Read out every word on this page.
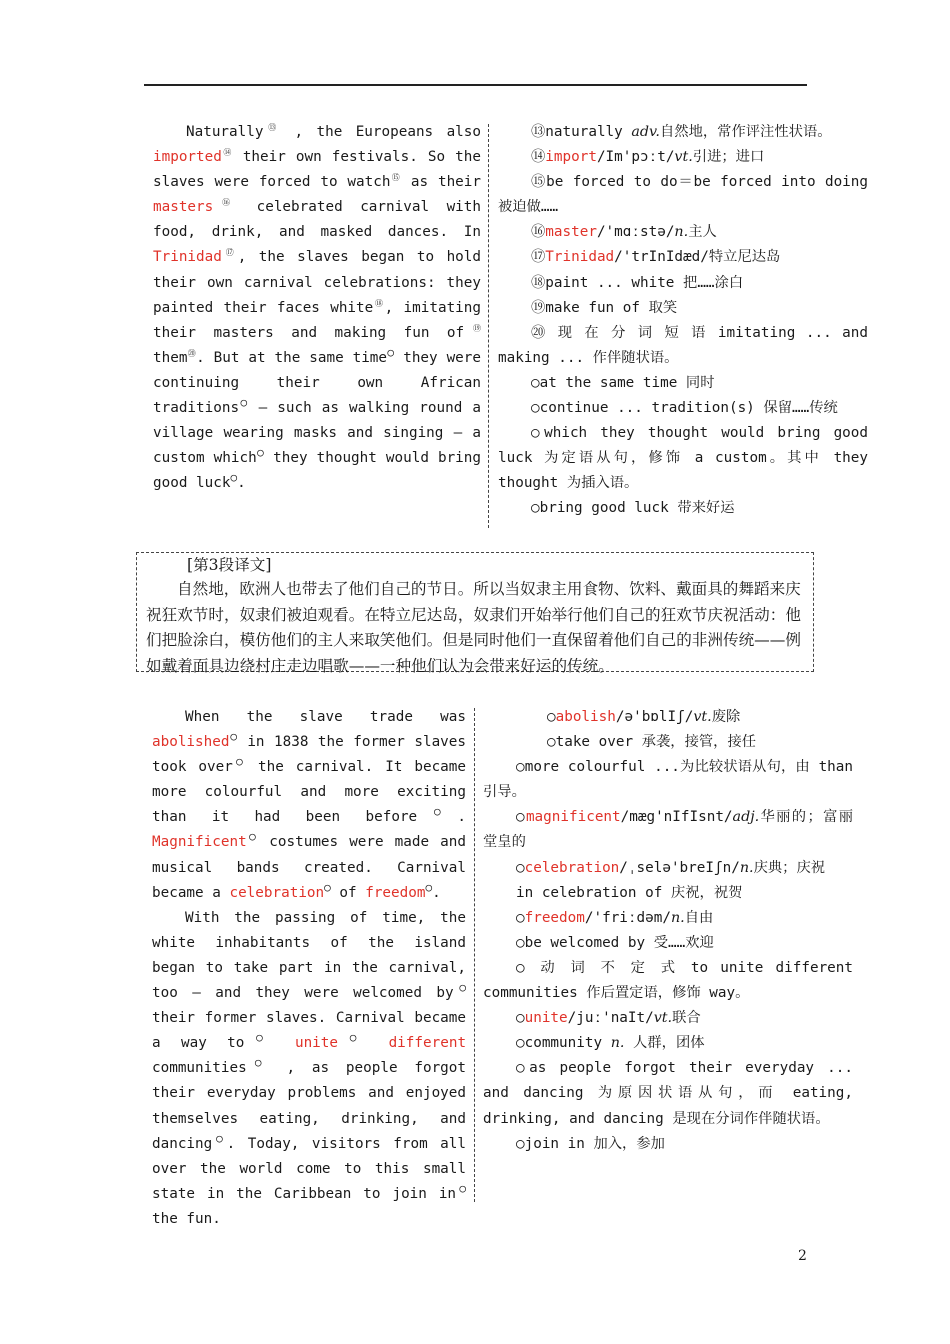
Naturally⑬ , the Europeans also imported⑭ their own festivals. So the slaves were forced to watch⑮ as their masters⑯ celebrated carnival with food, drink, and masked dances. In Trinidad⑰, the slaves began to hold their own carnival celebrations: they painted their faces white⑱, imitating their masters and making fun of⑲ them⑳. But at the same time○ they were continuing their own African traditions○ — such as walking round a village wearing masks and singing — a custom which○ they thought would bring good luck○.

⑬naturally adv.自然地，常作评注性状语。

⑭import/Im'pɔːt/vt.引进；进口

⑮be forced to do＝be forced into doing 被迫做……

⑯master/'mɑːstə/n.主人

⑰Trinidad/'trInIdæd/特立尼达岛

⑱paint ... white 把……涂白

⑲make fun of 取笑

⑳ 现 在 分 词 短 语 imitating ... and making ... 作伴随状语。

○at the same time 同时

○continue ... tradition(s) 保留……传统

○which they thought would bring good luck 为定语从句，修饰 a custom。其中 they thought 为插入语。

○bring good luck 带来好运

[第3段译文]
自然地，欧洲人也带去了他们自己的节日。所以当奴隶主用食物、饮料、戴面具的舞蹈来庆祝狂欢节时，奴隶们被迫观看。在特立尼达岛，奴隶们开始举行他们自己的狂欢节庆祝活动：他们把脸涂白，模仿他们的主人来取笑他们。但是同时他们一直保留着他们自己的非洲传统——例如戴着面具边绕村庄走边唱歌——一种他们认为会带来好运的传统。

When the slave trade was abolished○ in 1838 the former slaves took over○ the carnival. It became more colourful and more exciting than it had been before○. Magnificent○ costumes were made and musical bands created. Carnival became a celebration○ of freedom○.

With the passing of time, the white inhabitants of the island began to take part in the carnival, too — and they were welcomed by○ their former slaves. Carnival became a way to○ unite○ different communities○ , as people forgot their everyday problems and enjoyed themselves eating, drinking, and dancing○. Today, visitors from all over the world come to this small state in the Caribbean to join in○ the fun.

○abolish/ə'bɒlIʃ/vt.废除

○take over 承袭，接管，接任

○more colourful ...为比较状语从句，由 than 引导。

○magnificent/mæg'nIfIsnt/adj.华丽的；富丽堂皇的

○celebration/ˌselə'breIʃn/n.庆典；庆祝

in celebration of 庆祝，祝贺

○freedom/'friːdəm/n.自由

○be welcomed by 受……欢迎

○ 动 词 不 定 式 to unite different communities 作后置定语，修饰 way。

○unite/juː'naIt/vt.联合

○community n. 人群，团体

○as people forgot their everyday ... and dancing 为原因状语从句，而 eating, drinking, and dancing 是现在分词作伴随状语。

○join in 加入，参加

2
